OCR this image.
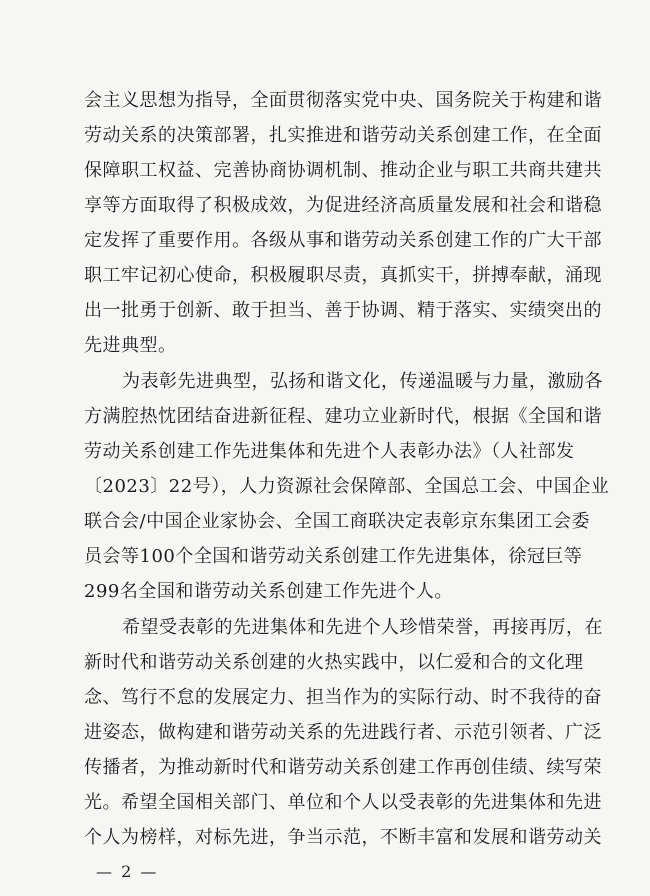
会主义思想为指导，全面贯彻落实党中央、国务院关于构建和谐
劳动关系的决策部署，扎实推进和谐劳动关系创建工作，在全面
保障职工权益、完善协商协调机制、推动企业与职工共商共建共
享等方面取得了积极成效，为促进经济高质量发展和社会和谐稳
定发挥了重要作用。各级从事和谐劳动关系创建工作的广大干部
职工牢记初心使命，积极履职尽责，真抓实干，拼搏奉献，涌现
出一批勇于创新、敢于担当、善于协调、精于落实、实绩突出的
先进典型。
为表彰先进典型，弘扬和谐文化，传递温暖与力量，激励各
方满腔热忱团结奋进新征程、建功立业新时代，根据《全国和谐
劳动关系创建工作先进集体和先进个人表彰办法》（人社部发
〔2023〕22号），人力资源社会保障部、全国总工会、中国企业
联合会/中国企业家协会、全国工商联决定表彰京东集团工会委
员会等100个全国和谐劳动关系创建工作先进集体，徐冠巨等
299名全国和谐劳动关系创建工作先进个人。
希望受表彰的先进集体和先进个人珍惜荣誉，再接再厉，在
新时代和谐劳动关系创建的火热实践中，以仁爱和合的文化理
念、笃行不怠的发展定力、担当作为的实际行动、时不我待的奋
进姿态，做构建和谐劳动关系的先进践行者、示范引领者、广泛
传播者，为推动新时代和谐劳动关系创建工作再创佳绩、续写荣
光。希望全国相关部门、单位和个人以受表彰的先进集体和先进
个人为榜样，对标先进，争当示范，不断丰富和发展和谐劳动关
— 2 —
